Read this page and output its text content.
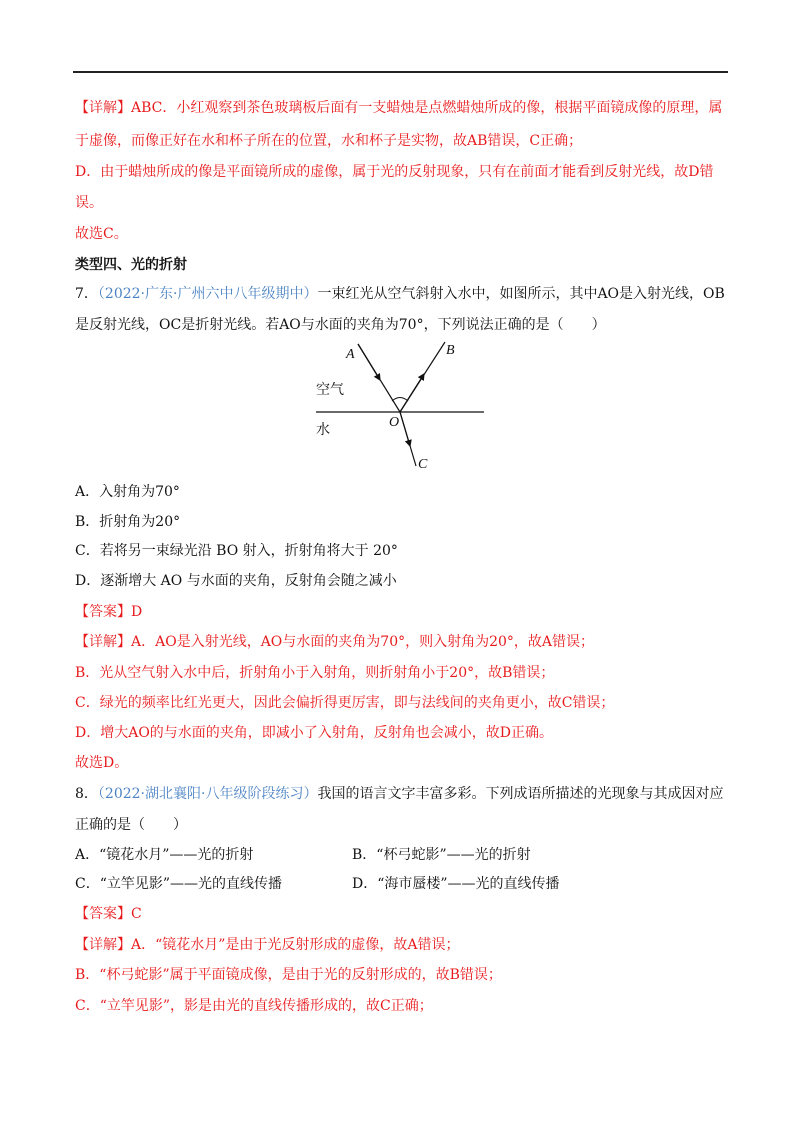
【详解】ABC．小红观察到茶色玻璃板后面有一支蜡烛是点燃蜡烛所成的像，根据平面镜成像的原理，属
于虚像，而像正好在水和杯子所在的位置，水和杯子是实物，故AB错误，C正确；
D．由于蜡烛所成的像是平面镜所成的虚像，属于光的反射现象，只有在前面才能看到反射光线，故D错
误。
故选C。
类型四、光的折射
7．（2022·广东·广州六中八年级期中）一束红光从空气斜射入水中，如图所示，其中AO是入射光线，OB
是反射光线，OC是折射光线。若AO与水面的夹角为70°，下列说法正确的是（　　）
A	B
O
C
空气
水
A．入射角为70°
B．折射角为20°
C．若将另一束绿光沿 BO 射入，折射角将大于 20°
D．逐渐增大 AO 与水面的夹角，反射角会随之减小
【答案】D
【详解】A．AO是入射光线，AO与水面的夹角为70°，则入射角为20°，故A错误；
B．光从空气射入水中后，折射角小于入射角，则折射角小于20°，故B错误；
C．绿光的频率比红光更大，因此会偏折得更厉害，即与法线间的夹角更小，故C错误；
D．增大AO的与水面的夹角，即减小了入射角，反射角也会减小，故D正确。
故选D。
8．（2022·湖北襄阳·八年级阶段练习）我国的语言文字丰富多彩。下列成语所描述的光现象与其成因对应
正确的是（　　）
A．“镜花水月”——光的折射	B．“杯弓蛇影”——光的折射
C．“立竿见影”——光的直线传播	D．“海市蜃楼”——光的直线传播
【答案】C
【详解】A．“镜花水月”是由于光反射形成的虚像，故A错误；
B．“杯弓蛇影”属于平面镜成像，是由于光的反射形成的，故B错误；
C．“立竿见影”，影是由光的直线传播形成的，故C正确；
